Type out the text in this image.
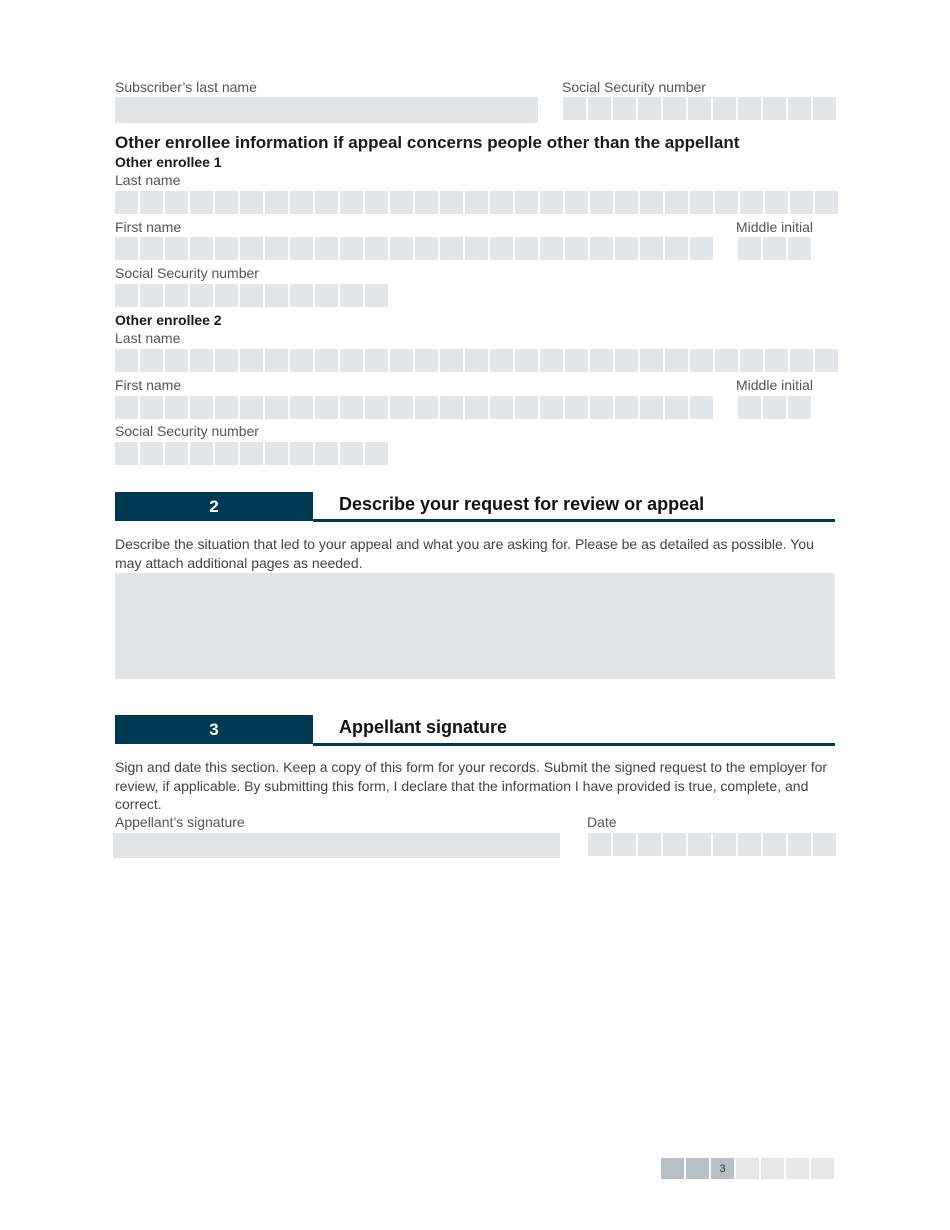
Subscriber’s last name	Social Security number
Other enrollee information if appeal concerns people other than the appellant
Other enrollee 1
Last name
First name	Middle initial
Social Security number
Other enrollee 2
Last name
First name	Middle initial
Social Security number
2	Describe your request for review or appeal
Describe the situation that led to your appeal and what you are asking for. Please be as detailed as possible. You may attach additional pages as needed.
3	Appellant signature
Sign and date this section. Keep a copy of this form for your records. Submit the signed request to the employer for review, if applicable. By submitting this form, I declare that the information I have provided is true, complete, and correct.
Appellant’s signature	Date
3
